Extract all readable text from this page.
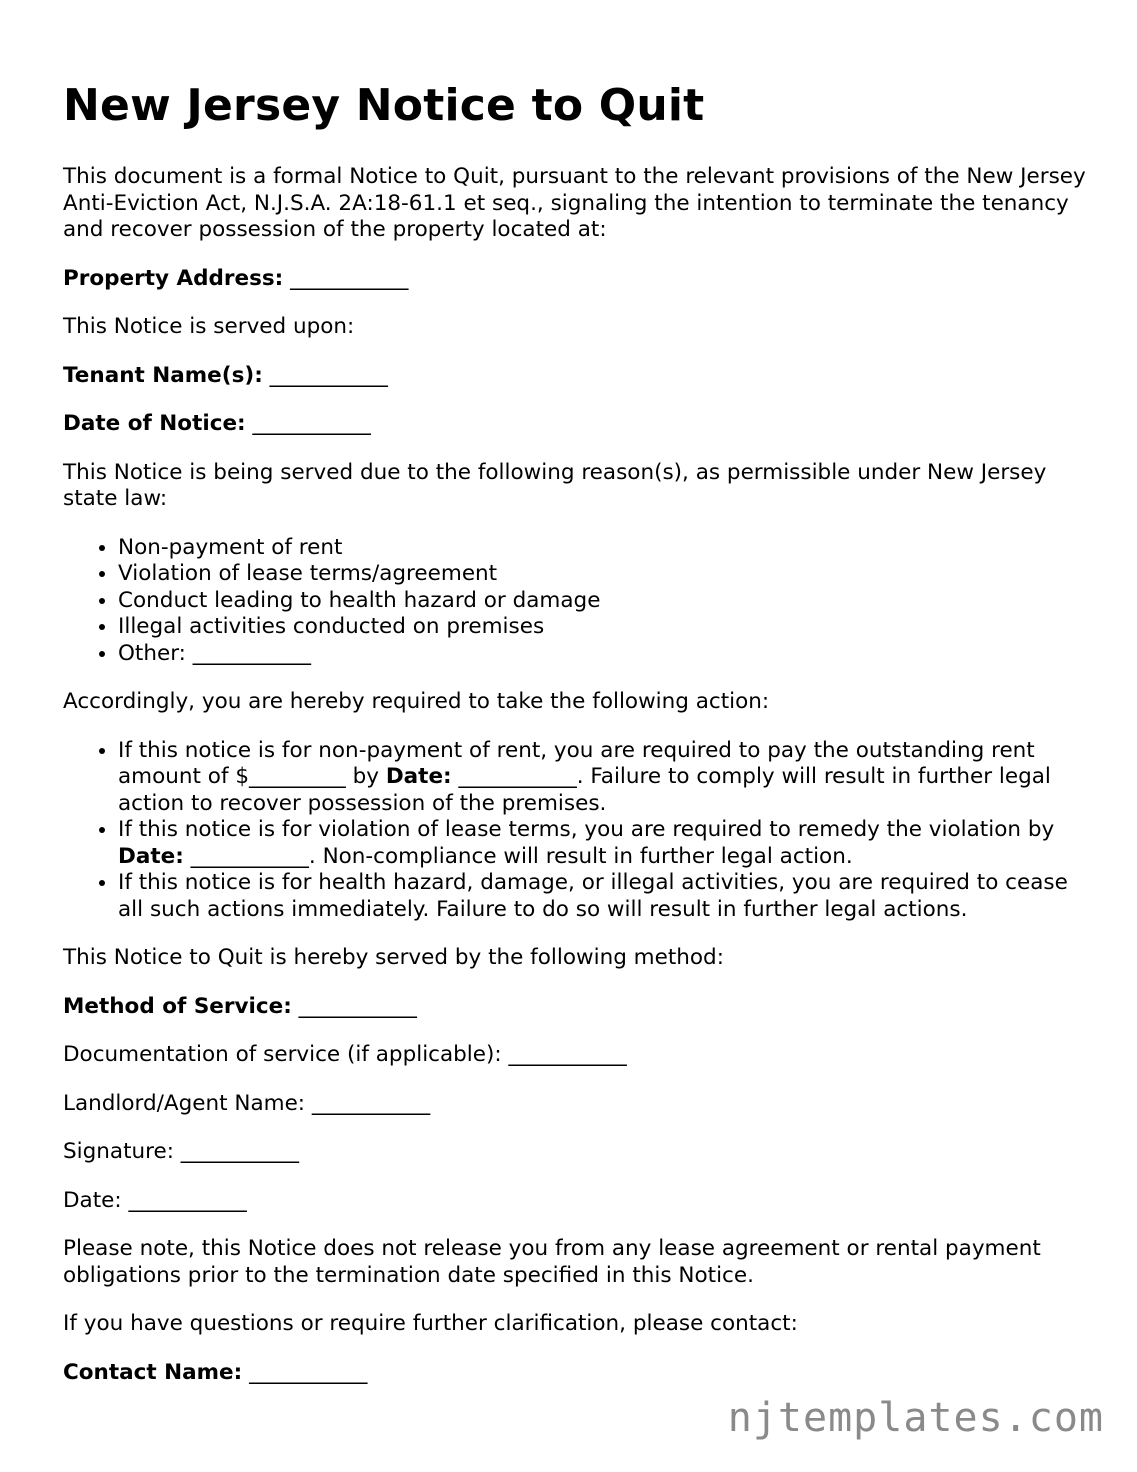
New Jersey Notice to Quit

This document is a formal Notice to Quit, pursuant to the relevant provisions of the New Jersey Anti-Eviction Act, N.J.S.A. 2A:18-61.1 et seq., signaling the intention to terminate the tenancy and recover possession of the property located at:

Property Address: ___________

This Notice is served upon:

Tenant Name(s): ___________

Date of Notice: ___________

This Notice is being served due to the following reason(s), as permissible under New Jersey state law:

• Non-payment of rent
• Violation of lease terms/agreement
• Conduct leading to health hazard or damage
• Illegal activities conducted on premises
• Other: ___________

Accordingly, you are hereby required to take the following action:

• If this notice is for non-payment of rent, you are required to pay the outstanding rent amount of $_________ by Date: ___________. Failure to comply will result in further legal action to recover possession of the premises.
• If this notice is for violation of lease terms, you are required to remedy the violation by Date: ___________. Non-compliance will result in further legal action.
• If this notice is for health hazard, damage, or illegal activities, you are required to cease all such actions immediately. Failure to do so will result in further legal actions.

This Notice to Quit is hereby served by the following method:

Method of Service: ___________

Documentation of service (if applicable): ___________

Landlord/Agent Name: ___________

Signature: ___________

Date: ___________

Please note, this Notice does not release you from any lease agreement or rental payment obligations prior to the termination date specified in this Notice.

If you have questions or require further clarification, please contact:

Contact Name: ___________

njtemplates.com
